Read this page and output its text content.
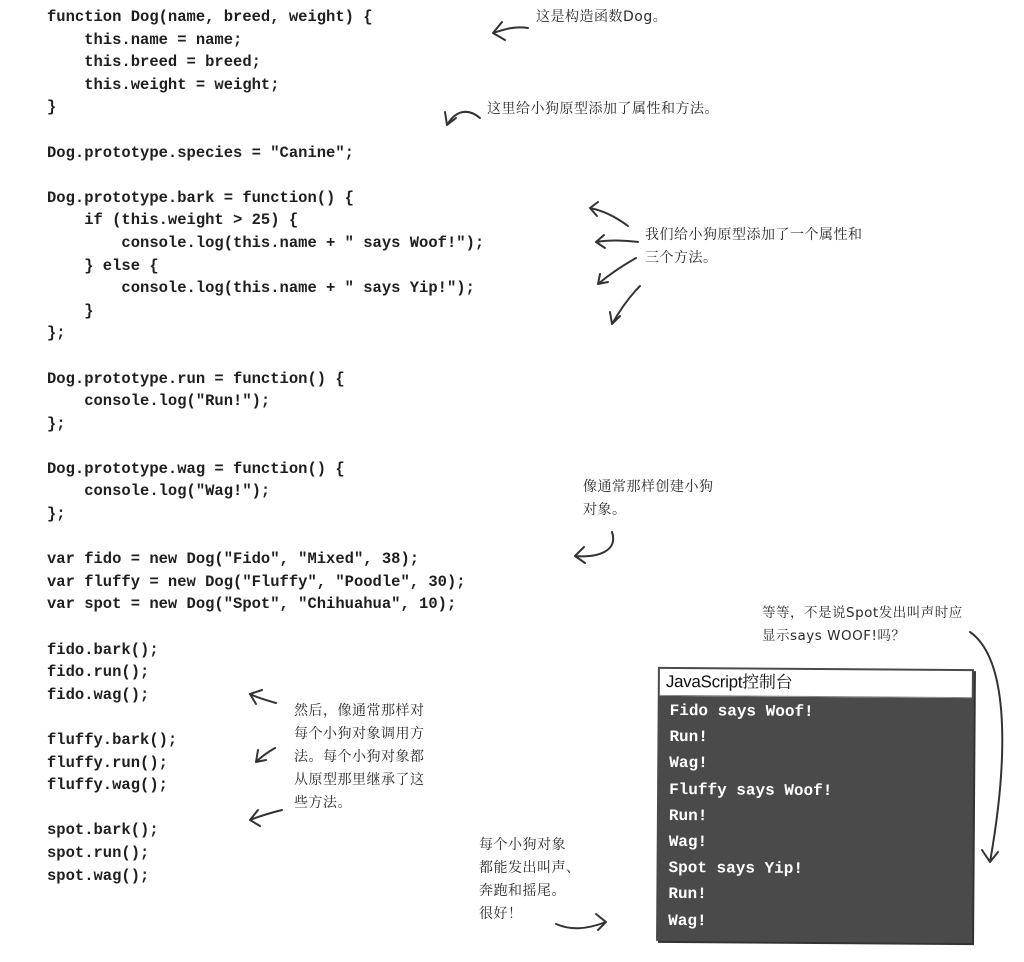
function Dog(name, breed, weight) {
this.name = name;
this.breed = breed;
this.weight = weight;
}
Dog.prototype.species = "Canine";
Dog.prototype.bark = function() {
if (this.weight > 25) {
console.log(this.name + " says Woof!");
} else {
console.log(this.name + " says Yip!");
}
};
Dog.prototype.run = function() {
console.log("Run!");
};
Dog.prototype.wag = function() {
console.log("Wag!");
};
var fido = new Dog("Fido", "Mixed", 38);
var fluffy = new Dog("Fluffy", "Poodle", 30);
var spot = new Dog("Spot", "Chihuahua", 10);
fido.bark();
fido.run();
fido.wag();
fluffy.bark();
fluffy.run();
fluffy.wag();
spot.bark();
spot.run();
spot.wag();
这是构造函数Dog。
这里给小狗原型添加了属性和方法。
我们给小狗原型添加了一个属性和
三个方法。
像通常那样创建小狗
对象。
然后，像通常那样对
每个小狗对象调用方
法。每个小狗对象都
从原型那里继承了这
些方法。
等等，不是说Spot发出叫声时应
显示says WOOF!吗？
每个小狗对象
都能发出叫声、
奔跑和摇尾。
很好！
JavaScript控制台
Fido says Woof!
Run!
Wag!
Fluffy says Woof!
Run!
Wag!
Spot says Yip!
Run!
Wag!
